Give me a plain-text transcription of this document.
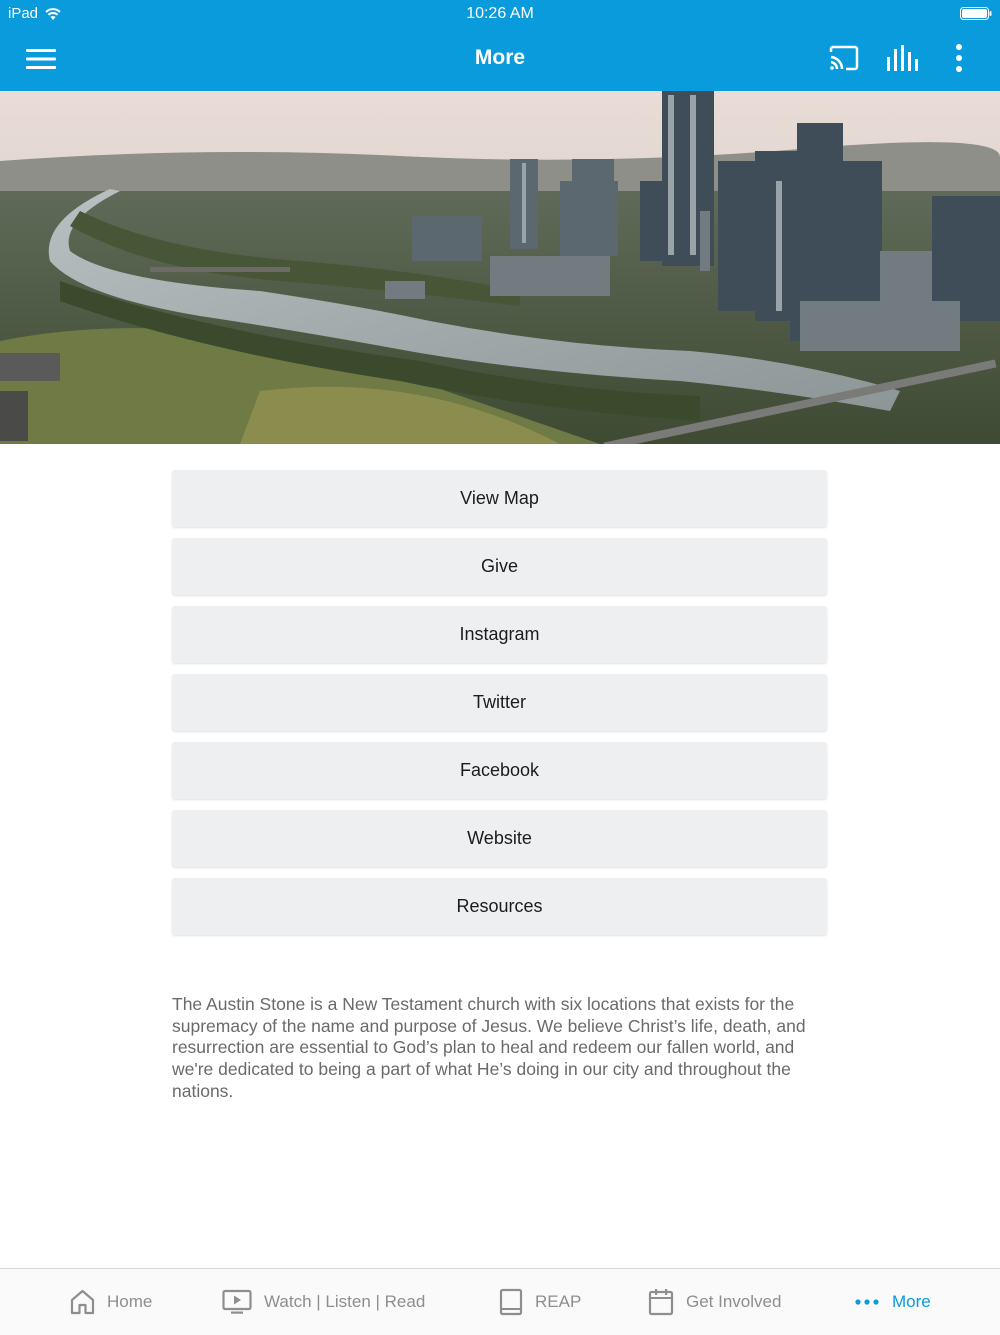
iPad	10:26 AM
More
View Map
Give
Instagram
Twitter
Facebook
Website
Resources
The Austin Stone is a New Testament church with six locations that exists for the supremacy of the name and purpose of Jesus. We believe Christ’s life, death, and resurrection are essential to God’s plan to heal and redeem our fallen world, and we're dedicated to being a part of what He’s doing in our city and throughout the nations.
Home	Watch | Listen | Read	REAP	Get Involved	More
